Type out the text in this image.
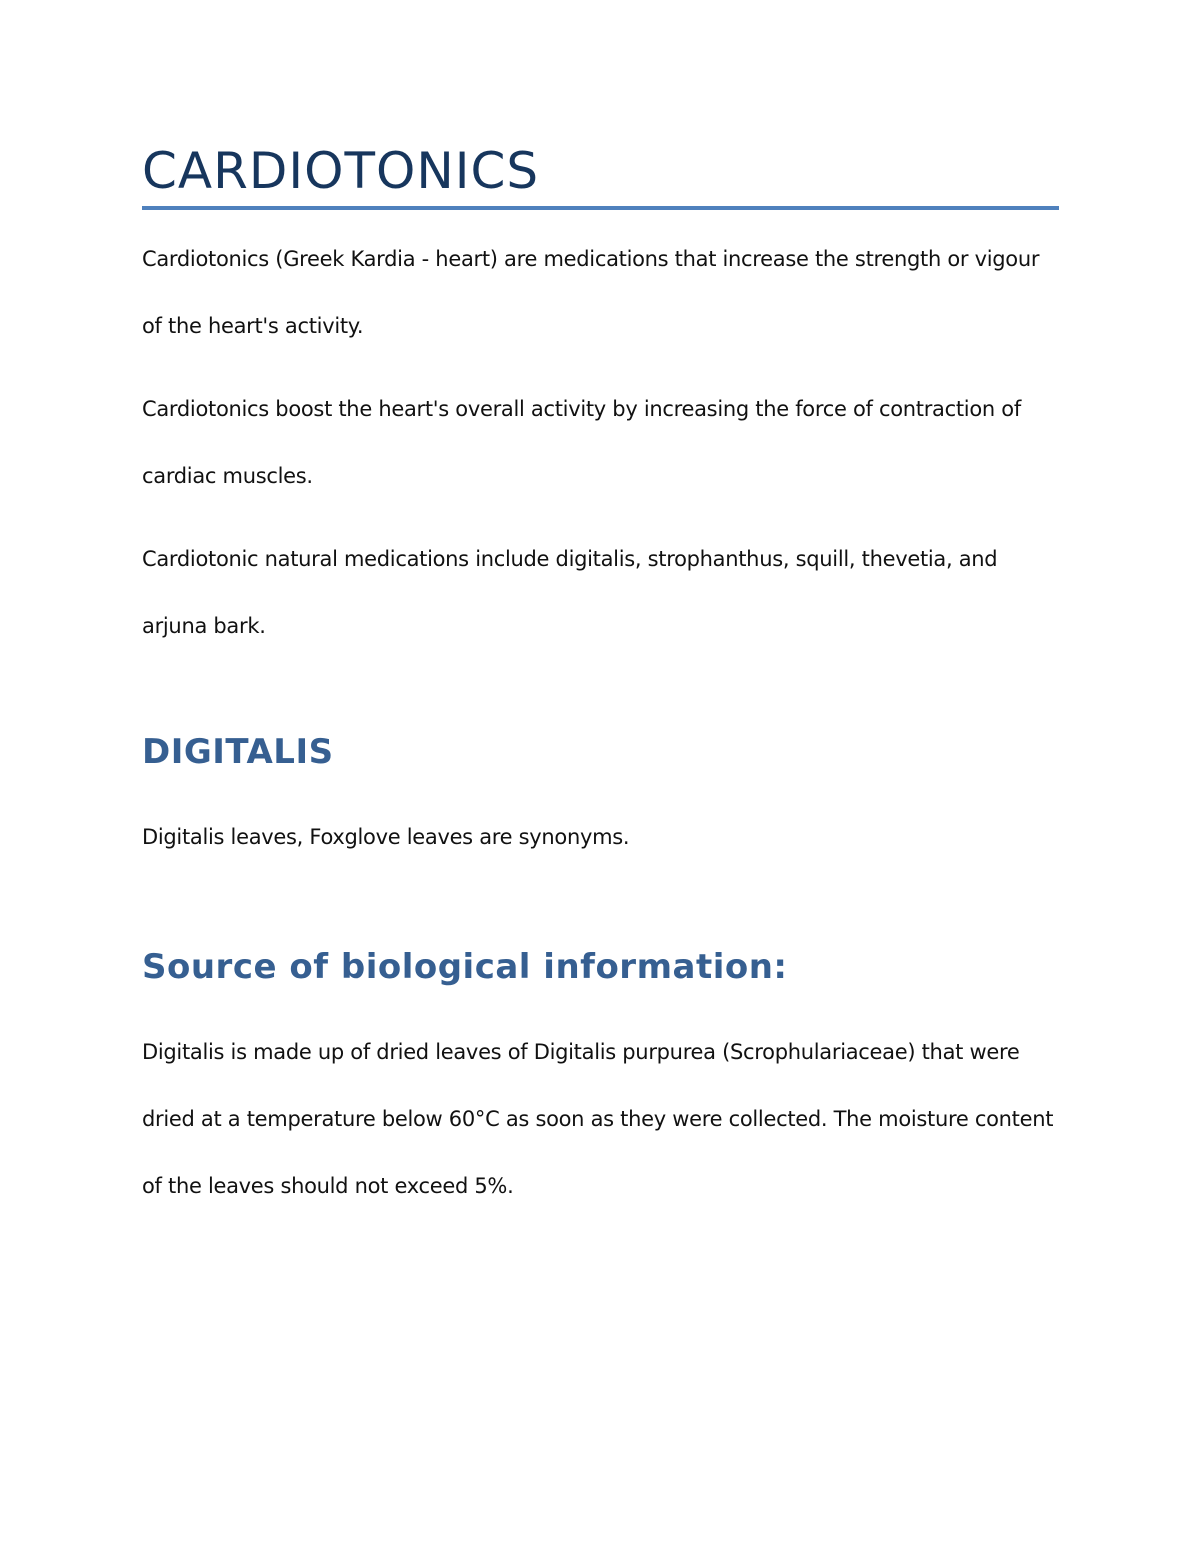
CARDIOTONICS

Cardiotonics (Greek Kardia - heart) are medications that increase the strength or vigour of the heart's activity.

Cardiotonics boost the heart's overall activity by increasing the force of contraction of cardiac muscles.

Cardiotonic natural medications include digitalis, strophanthus, squill, thevetia, and arjuna bark.

DIGITALIS

Digitalis leaves, Foxglove leaves are synonyms.

Source of biological information:

Digitalis is made up of dried leaves of Digitalis purpurea (Scrophulariaceae) that were dried at a temperature below 60°C as soon as they were collected. The moisture content of the leaves should not exceed 5%.
